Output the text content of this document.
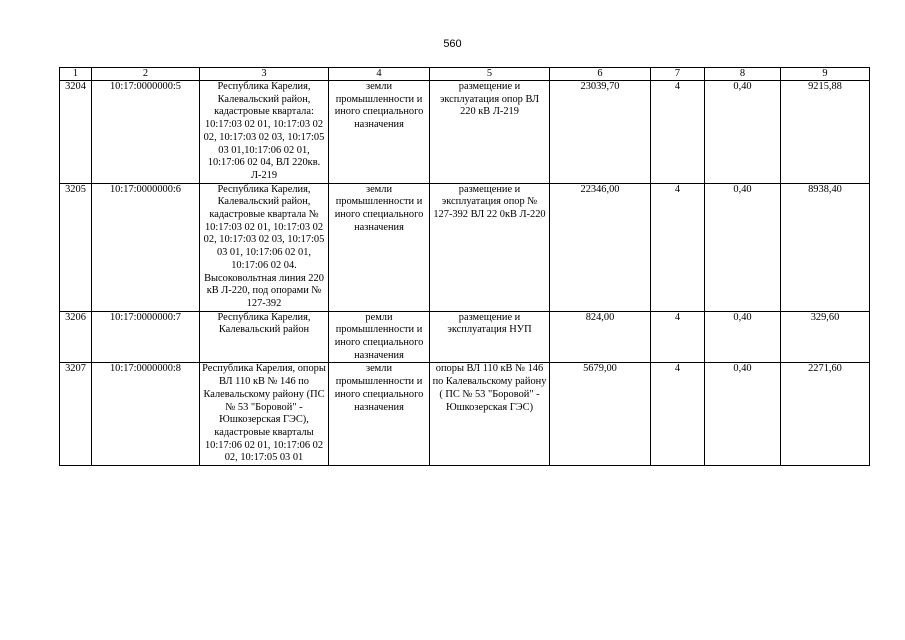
560
1	2	3	4	5	6	7	8	9
3204	10:17:0000000:5	Республика Карелия, Калевальский район, кадастровые квартала: 10:17:03 02 01, 10:17:03 02 02, 10:17:03 02 03, 10:17:05 03 01,10:17:06 02 01, 10:17:06 02 04, ВЛ 220кв. Л-219	земли промышленности и иного специального назначения	размещение и эксплуатация опор ВЛ 220 кВ Л-219	23039,70	4	0,40	9215,88
3205	10:17:0000000:6	Республика Карелия, Калевальский район, кадастровые квартала № 10:17:03 02 01, 10:17:03 02 02, 10:17:03 02 03, 10:17:05 03 01, 10:17:06 02 01, 10:17:06 02 04. Высоковольтная линия 220 кВ Л-220, под опорами № 127-392	земли промышленности и иного специального назначения	размещение и эксплуатация опор № 127-392 ВЛ 22 0кВ Л-220	22346,00	4	0,40	8938,40
3206	10:17:0000000:7	Республика Карелия, Калевальский район	ремли промышленности и иного специального назначения	размещение и эксплуатация НУП	824,00	4	0,40	329,60
3207	10:17:0000000:8	Республика Карелия, опоры ВЛ 110 кВ № 146 по Калевальскому району (ПС № 53 "Боровой" - Юшкозерская ГЭС), кадастровые кварталы 10:17:06 02 01, 10:17:06 02 02, 10:17:05 03 01	земли промышленности и иного специального назначения	опоры ВЛ 110 кВ № 146 по Калевальскому району ( ПС № 53 "Боровой" - Юшкозерская ГЭС)	5679,00	4	0,40	2271,60
